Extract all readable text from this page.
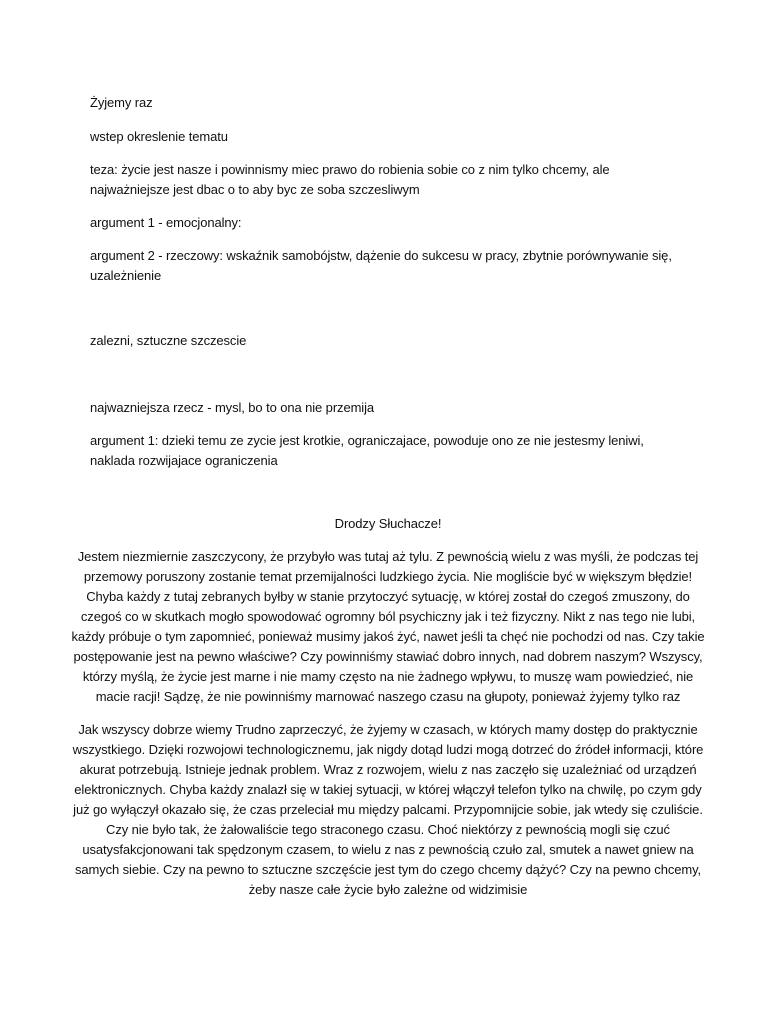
Żyjemy raz

wstep okreslenie tematu

teza: życie jest nasze i powinnismy miec prawo do robienia sobie co z nim tylko chcemy, ale najważniejsze jest dbac o to aby byc ze soba szczesliwym

argument 1 - emocjonalny:

argument 2 - rzeczowy: wskaźnik samobójstw, dążenie do sukcesu w pracy, zbytnie porównywanie się, uzależnienie

zalezni, sztuczne szczescie

najwazniejsza rzecz - mysl, bo to ona nie przemija

argument 1: dzieki temu ze zycie jest krotkie, ograniczajace, powoduje ono ze nie jestesmy leniwi, naklada rozwijajace ograniczenia

Drodzy Słuchacze!

Jestem niezmiernie zaszczycony, że przybyło was tutaj aż tylu. Z pewnością wielu z was myśli, że podczas tej przemowy poruszony zostanie temat przemijalności ludzkiego życia. Nie mogliście być w większym błędzie! Chyba każdy z tutaj zebranych byłby w stanie przytoczyć sytuację, w której został do czegoś zmuszony, do czegoś co w skutkach mogło spowodować ogromny ból psychiczny jak i też fizyczny. Nikt z nas tego nie lubi, każdy próbuje o tym zapomnieć, ponieważ musimy jakoś żyć, nawet jeśli ta chęć nie pochodzi od nas. Czy takie postępowanie jest na pewno właściwe? Czy powinniśmy stawiać dobro innych, nad dobrem naszym? Wszyscy, którzy myślą, że życie jest marne i nie mamy często na nie żadnego wpływu, to muszę wam powiedzieć, nie macie racji! Sądzę, że nie powinniśmy marnować naszego czasu na głupoty, ponieważ żyjemy tylko raz

Jak wszyscy dobrze wiemy Trudno zaprzeczyć, że żyjemy w czasach, w których mamy dostęp do praktycznie wszystkiego. Dzięki rozwojowi technologicznemu, jak nigdy dotąd ludzi mogą dotrzeć do źródeł informacji, które akurat potrzebują. Istnieje jednak problem. Wraz z rozwojem, wielu z nas zaczęło się uzależniać od urządzeń elektronicznych. Chyba każdy znalazł się w takiej sytuacji, w której włączył telefon tylko na chwilę, po czym gdy już go wyłączył okazało się, że czas przeleciał mu między palcami. Przypomnijcie sobie, jak wtedy się czuliście. Czy nie było tak, że żałowaliście tego straconego czasu. Choć niektórzy z pewnością mogli się czuć usatysfakcjonowani tak spędzonym czasem, to wielu z nas z pewnością czuło zal, smutek a nawet gniew na samych siebie. Czy na pewno to sztuczne szczęście jest tym do czego chcemy dążyć? Czy na pewno chcemy, żeby nasze całe życie było zależne od widzimisie
